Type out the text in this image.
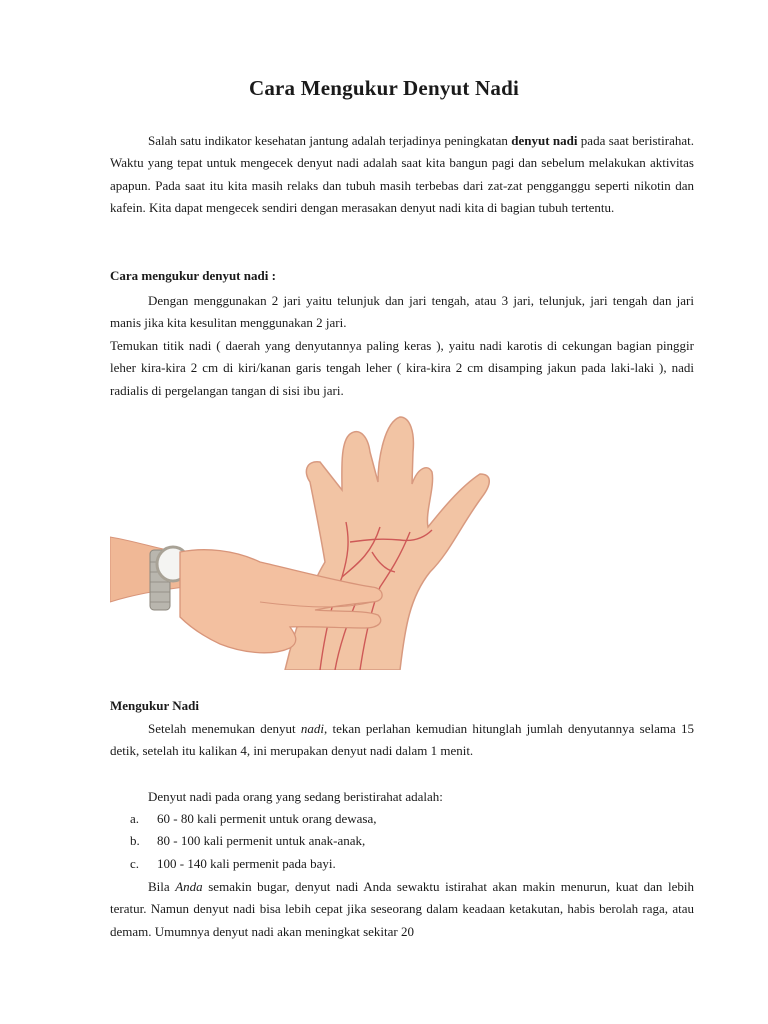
Cara Mengukur Denyut Nadi
Salah satu indikator kesehatan jantung adalah terjadinya peningkatan denyut nadi pada saat beristirahat. Waktu yang tepat untuk mengecek denyut nadi adalah saat kita bangun pagi dan sebelum melakukan aktivitas apapun. Pada saat itu kita masih relaks dan tubuh masih terbebas dari zat-zat pengganggu seperti nikotin dan kafein. Kita dapat mengecek sendiri dengan merasakan denyut nadi kita di bagian tubuh tertentu.
Cara mengukur denyut nadi :
Dengan menggunakan 2 jari yaitu telunjuk dan jari tengah, atau 3 jari, telunjuk, jari tengah dan jari manis jika kita kesulitan menggunakan 2 jari.
Temukan titik nadi ( daerah yang denyutannya paling keras ), yaitu nadi karotis di cekungan bagian pinggir leher kira-kira 2 cm di kiri/kanan garis tengah leher ( kira-kira 2 cm disamping jakun pada laki-laki ), nadi radialis di pergelangan tangan di sisi ibu jari.
Mengukur Nadi
Setelah menemukan denyut nadi, tekan perlahan kemudian hitunglah jumlah denyutannya selama 15 detik, setelah itu kalikan 4, ini merupakan denyut nadi dalam 1 menit.
Denyut nadi pada orang yang sedang beristirahat adalah:
a.	60 - 80 kali permenit untuk orang dewasa,
b.	80 - 100 kali permenit untuk anak-anak,
c.	100 - 140 kali permenit pada bayi.
Bila Anda semakin bugar, denyut nadi Anda sewaktu istirahat akan makin menurun, kuat dan lebih teratur. Namun denyut nadi bisa lebih cepat jika seseorang dalam keadaan ketakutan, habis berolah raga, atau demam. Umumnya denyut nadi akan meningkat sekitar 20
